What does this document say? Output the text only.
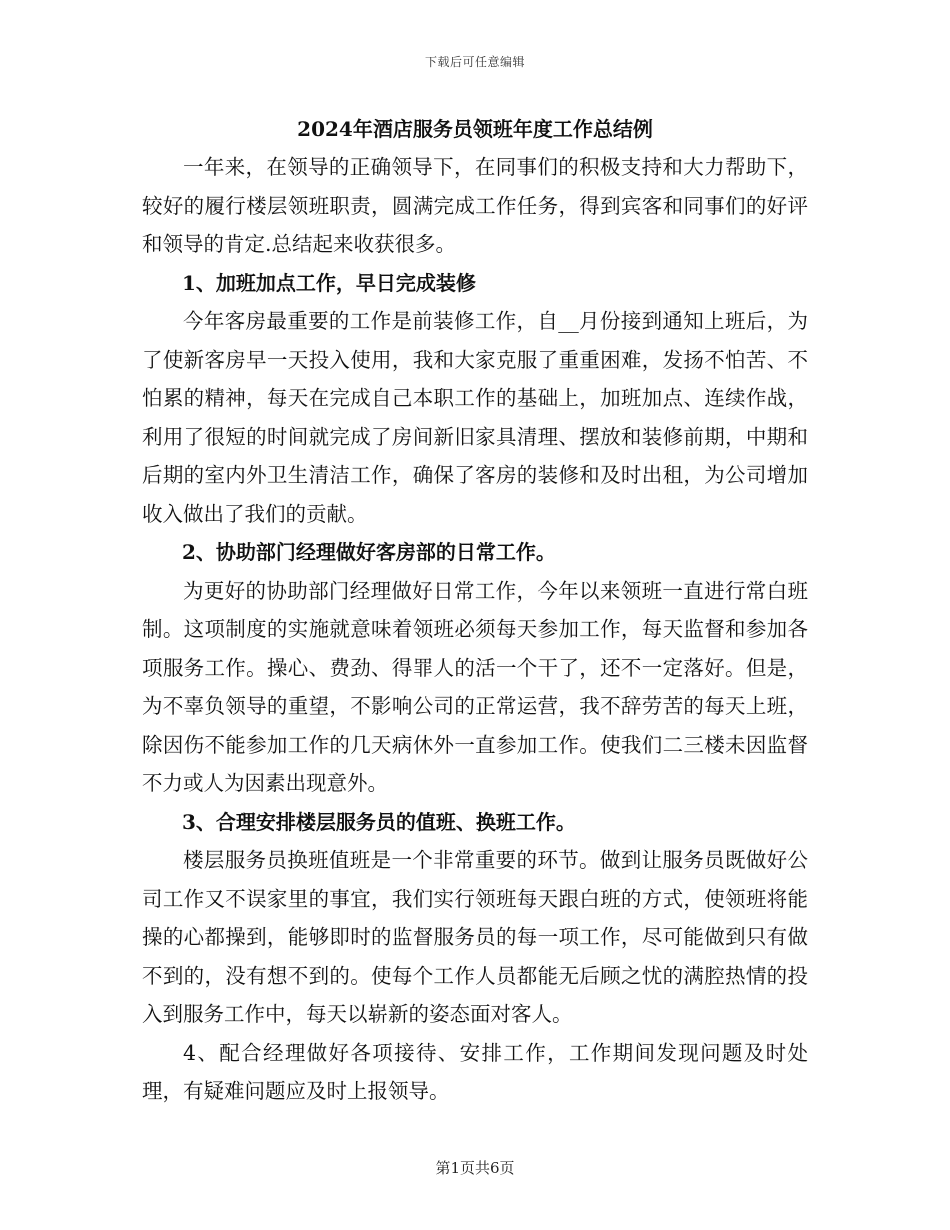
下载后可任意编辑
2024年酒店服务员领班年度工作总结例

一年来，在领导的正确领导下，在同事们的积极支持和大力帮助下，较好的履行楼层领班职责，圆满完成工作任务，得到宾客和同事们的好评和领导的肯定.总结起来收获很多。

1、加班加点工作，早日完成装修

今年客房最重要的工作是前装修工作，自__月份接到通知上班后，为了使新客房早一天投入使用，我和大家克服了重重困难，发扬不怕苦、不怕累的精神，每天在完成自己本职工作的基础上，加班加点、连续作战，利用了很短的时间就完成了房间新旧家具清理、摆放和装修前期，中期和后期的室内外卫生清洁工作，确保了客房的装修和及时出租，为公司增加收入做出了我们的贡献。

2、协助部门经理做好客房部的日常工作。

为更好的协助部门经理做好日常工作，今年以来领班一直进行常白班制。这项制度的实施就意味着领班必须每天参加工作，每天监督和参加各项服务工作。操心、费劲、得罪人的活一个干了，还不一定落好。但是，为不辜负领导的重望，不影响公司的正常运营，我不辞劳苦的每天上班，除因伤不能参加工作的几天病休外一直参加工作。使我们二三楼未因监督不力或人为因素出现意外。

3、合理安排楼层服务员的值班、换班工作。

楼层服务员换班值班是一个非常重要的环节。做到让服务员既做好公司工作又不误家里的事宜，我们实行领班每天跟白班的方式，使领班将能操的心都操到，能够即时的监督服务员的每一项工作，尽可能做到只有做不到的，没有想不到的。使每个工作人员都能无后顾之忧的满腔热情的投入到服务工作中，每天以崭新的姿态面对客人。

4、配合经理做好各项接待、安排工作，工作期间发现问题及时处理，有疑难问题应及时上报领导。

第1页共6页
